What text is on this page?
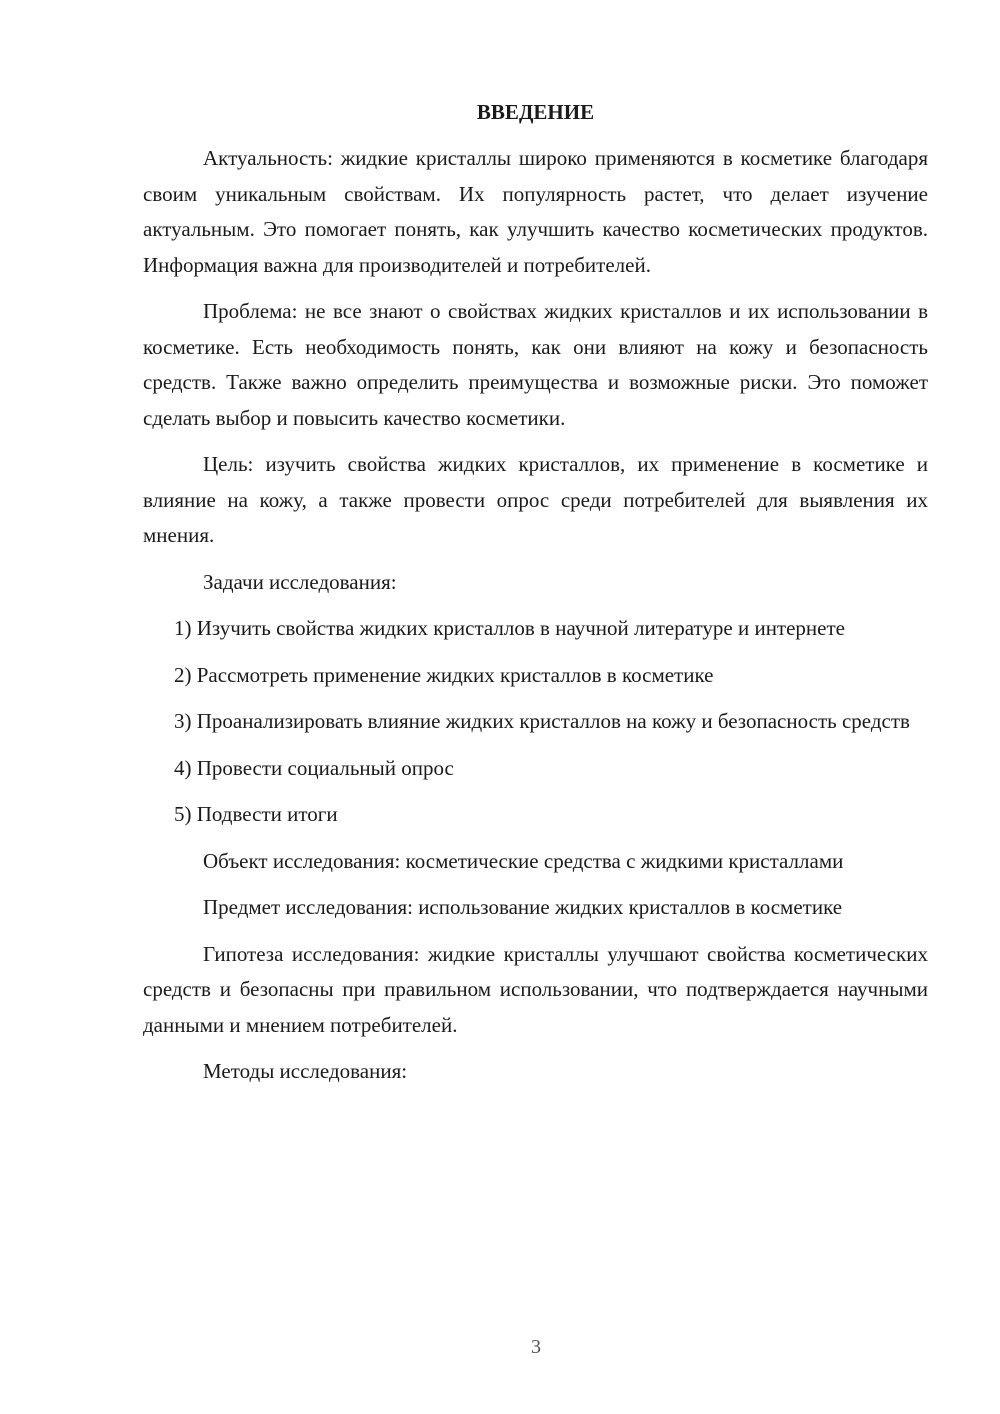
ВВЕДЕНИЕ

Актуальность: жидкие кристаллы широко применяются в косметике благодаря своим уникальным свойствам. Их популярность растет, что делает изучение актуальным. Это помогает понять, как улучшить качество косметических продуктов. Информация важна для производителей и потребителей.

Проблема: не все знают о свойствах жидких кристаллов и их использовании в косметике. Есть необходимость понять, как они влияют на кожу и безопасность средств. Также важно определить преимущества и возможные риски. Это поможет сделать выбор и повысить качество косметики.

Цель: изучить свойства жидких кристаллов, их применение в косметике и влияние на кожу, а также провести опрос среди потребителей для выявления их мнения.

Задачи исследования:

1) Изучить свойства жидких кристаллов в научной литературе и интернете

2) Рассмотреть применение жидких кристаллов в косметике

3) Проанализировать влияние жидких кристаллов на кожу и безопасность средств

4) Провести социальный опрос

5) Подвести итоги

Объект исследования: косметические средства с жидкими кристаллами

Предмет исследования: использование жидких кристаллов в косметике

Гипотеза исследования: жидкие кристаллы улучшают свойства косметических средств и безопасны при правильном использовании, что подтверждается научными данными и мнением потребителей.

Методы исследования:

3
